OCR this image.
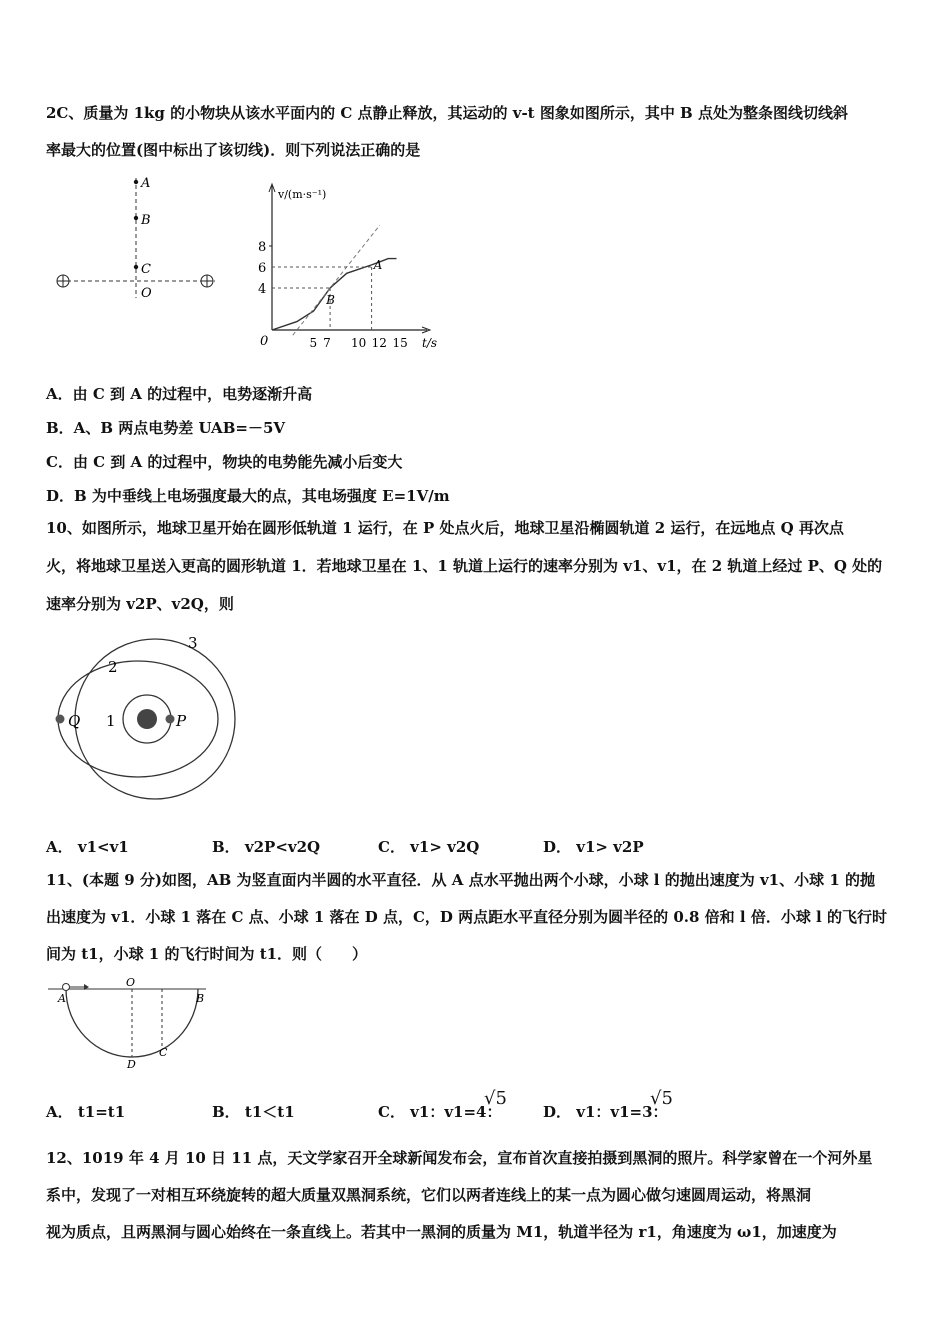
2C、质量为 1kg 的小物块从该水平面内的 C 点静止释放，其运动的 v-t 图象如图所示，其中 B 点处为整条图线切线斜
率最大的位置(图中标出了该切线)．则下列说法正确的是
A
B
C
O
v/(m·s⁻¹)
t/s
0
8
6
4
5 7 10 12 15
A
B
A．由 C 到 A 的过程中，电势逐渐升高
B．A、B 两点电势差 UAB=－5V
C．由 C 到 A 的过程中，物块的电势能先减小后变大
D．B 为中垂线上电场强度最大的点，其电场强度 E=1V/m
10、如图所示，地球卫星开始在圆形低轨道 1 运行，在 P 处点火后，地球卫星沿椭圆轨道 2 运行，在远地点 Q 再次点
火，将地球卫星送入更高的圆形轨道 1．若地球卫星在 1、1 轨道上运行的速率分别为 v1、v1，在 2 轨道上经过 P、Q 处的
速率分别为 v2P、v2Q，则
2
3
1
Q	P
A． v1<v1	B． v2P<v2Q	C． v1> v2Q	D． v1> v2P
11、(本题 9 分)如图，AB 为竖直面内半圆的水平直径．从 A 点水平抛出两个小球，小球 l 的抛出速度为 v1、小球 1 的抛
出速度为 v1．小球 1 落在 C 点、小球 1 落在 D 点，C，D 两点距水平直径分别为圆半径的 0.8 倍和 l 倍．小球 l 的飞行时
间为 t1，小球 1 的飞行时间为 t1．则（　　）
A
O
B
C
D
A． t1=t1	B． t1＜t1	C． v1：v1=4：
√5
D． v1：v1=3：
√5
12、1019 年 4 月 10 日 11 点，天文学家召开全球新闻发布会，宣布首次直接拍摄到黑洞的照片。科学家曾在一个河外星
系中，发现了一对相互环绕旋转的超大质量双黑洞系统，它们以两者连线上的某一点为圆心做匀速圆周运动，将黑洞
视为质点，且两黑洞与圆心始终在一条直线上。若其中一黑洞的质量为 M1，轨道半径为 r1，角速度为 ω1，加速度为
